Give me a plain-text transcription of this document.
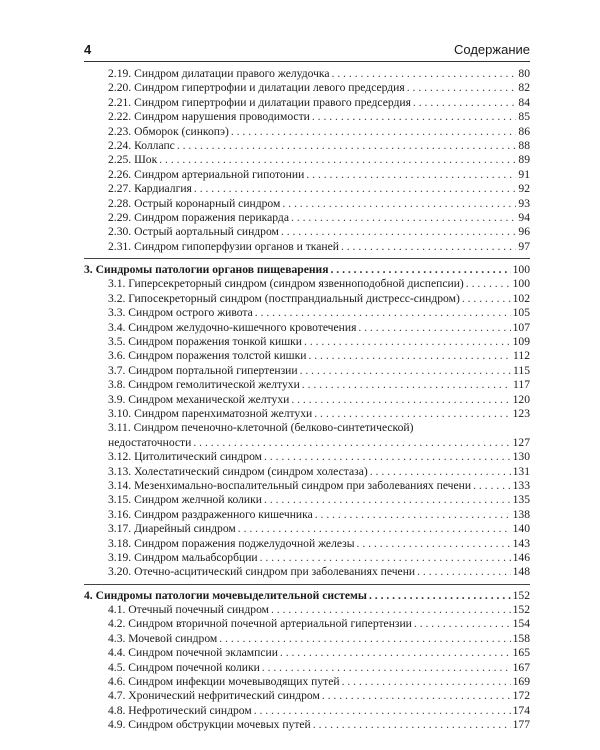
4	Содержание
2.19. Синдром дилатации правого желудочка . . .	80
2.20. Синдром гипертрофии и дилатации левого предсердия . . .	82
2.21. Синдром гипертрофии и дилатации правого предсердия . . .	84
2.22. Синдром нарушения проводимости . . .	85
2.23. Обморок (синкопэ) . . .	86
2.24. Коллапс . . .	88
2.25. Шок . . .	89
2.26. Синдром артериальной гипотонии . . .	91
2.27. Кардиалгия . . .	92
2.28. Острый коронарный синдром . . .	93
2.29. Синдром поражения перикарда . . .	94
2.30. Острый аортальный синдром . . .	96
2.31. Синдром гипоперфузии органов и тканей . . .	97
3. Синдромы патологии органов пищеварения . . .	100
3.1. Гиперсекреторный синдром (синдром язвенноподобной диспепсии) . . .	100
3.2. Гипосекреторный синдром (постпрандиальный дистресс-синдром) . . .	102
3.3. Синдром острого живота . . .	105
3.4. Синдром желудочно-кишечного кровотечения . . .	107
3.5. Синдром поражения тонкой кишки . . .	109
3.6. Синдром поражения толстой кишки . . .	112
3.7. Синдром портальной гипертензии . . .	115
3.8. Синдром гемолитической желтухи . . .	117
3.9. Синдром механической желтухи . . .	120
3.10. Синдром паренхиматозной желтухи . . .	123
3.11. Синдром печеночно-клеточной (белково-синтетической)
недостаточности . . .	127
3.12. Цитолитический синдром . . .	130
3.13. Холестатический синдром (синдром холестаза) . . .	131
3.14. Мезенхимально-воспалительный синдром при заболеваниях печени . . .	133
3.15. Синдром желчной колики . . .	135
3.16. Синдром раздраженного кишечника . . .	138
3.17. Диарейный синдром . . .	140
3.18. Синдром поражения поджелудочной железы . . .	143
3.19. Синдром мальабсорбции . . .	146
3.20. Отечно-асцитический синдром при заболеваниях печени . . .	148
4. Синдромы патологии мочевыделительной системы . . .	152
4.1. Отечный почечный синдром . . .	152
4.2. Синдром вторичной почечной артериальной гипертензии . . .	154
4.3. Мочевой синдром . . .	158
4.4. Синдром почечной эклампсии . . .	165
4.5. Синдром почечной колики . . .	167
4.6. Синдром инфекции мочевыводящих путей . . .	169
4.7. Хронический нефритический синдром . . .	172
4.8. Нефротический синдром . . .	174
4.9. Синдром обструкции мочевых путей . . .	177
